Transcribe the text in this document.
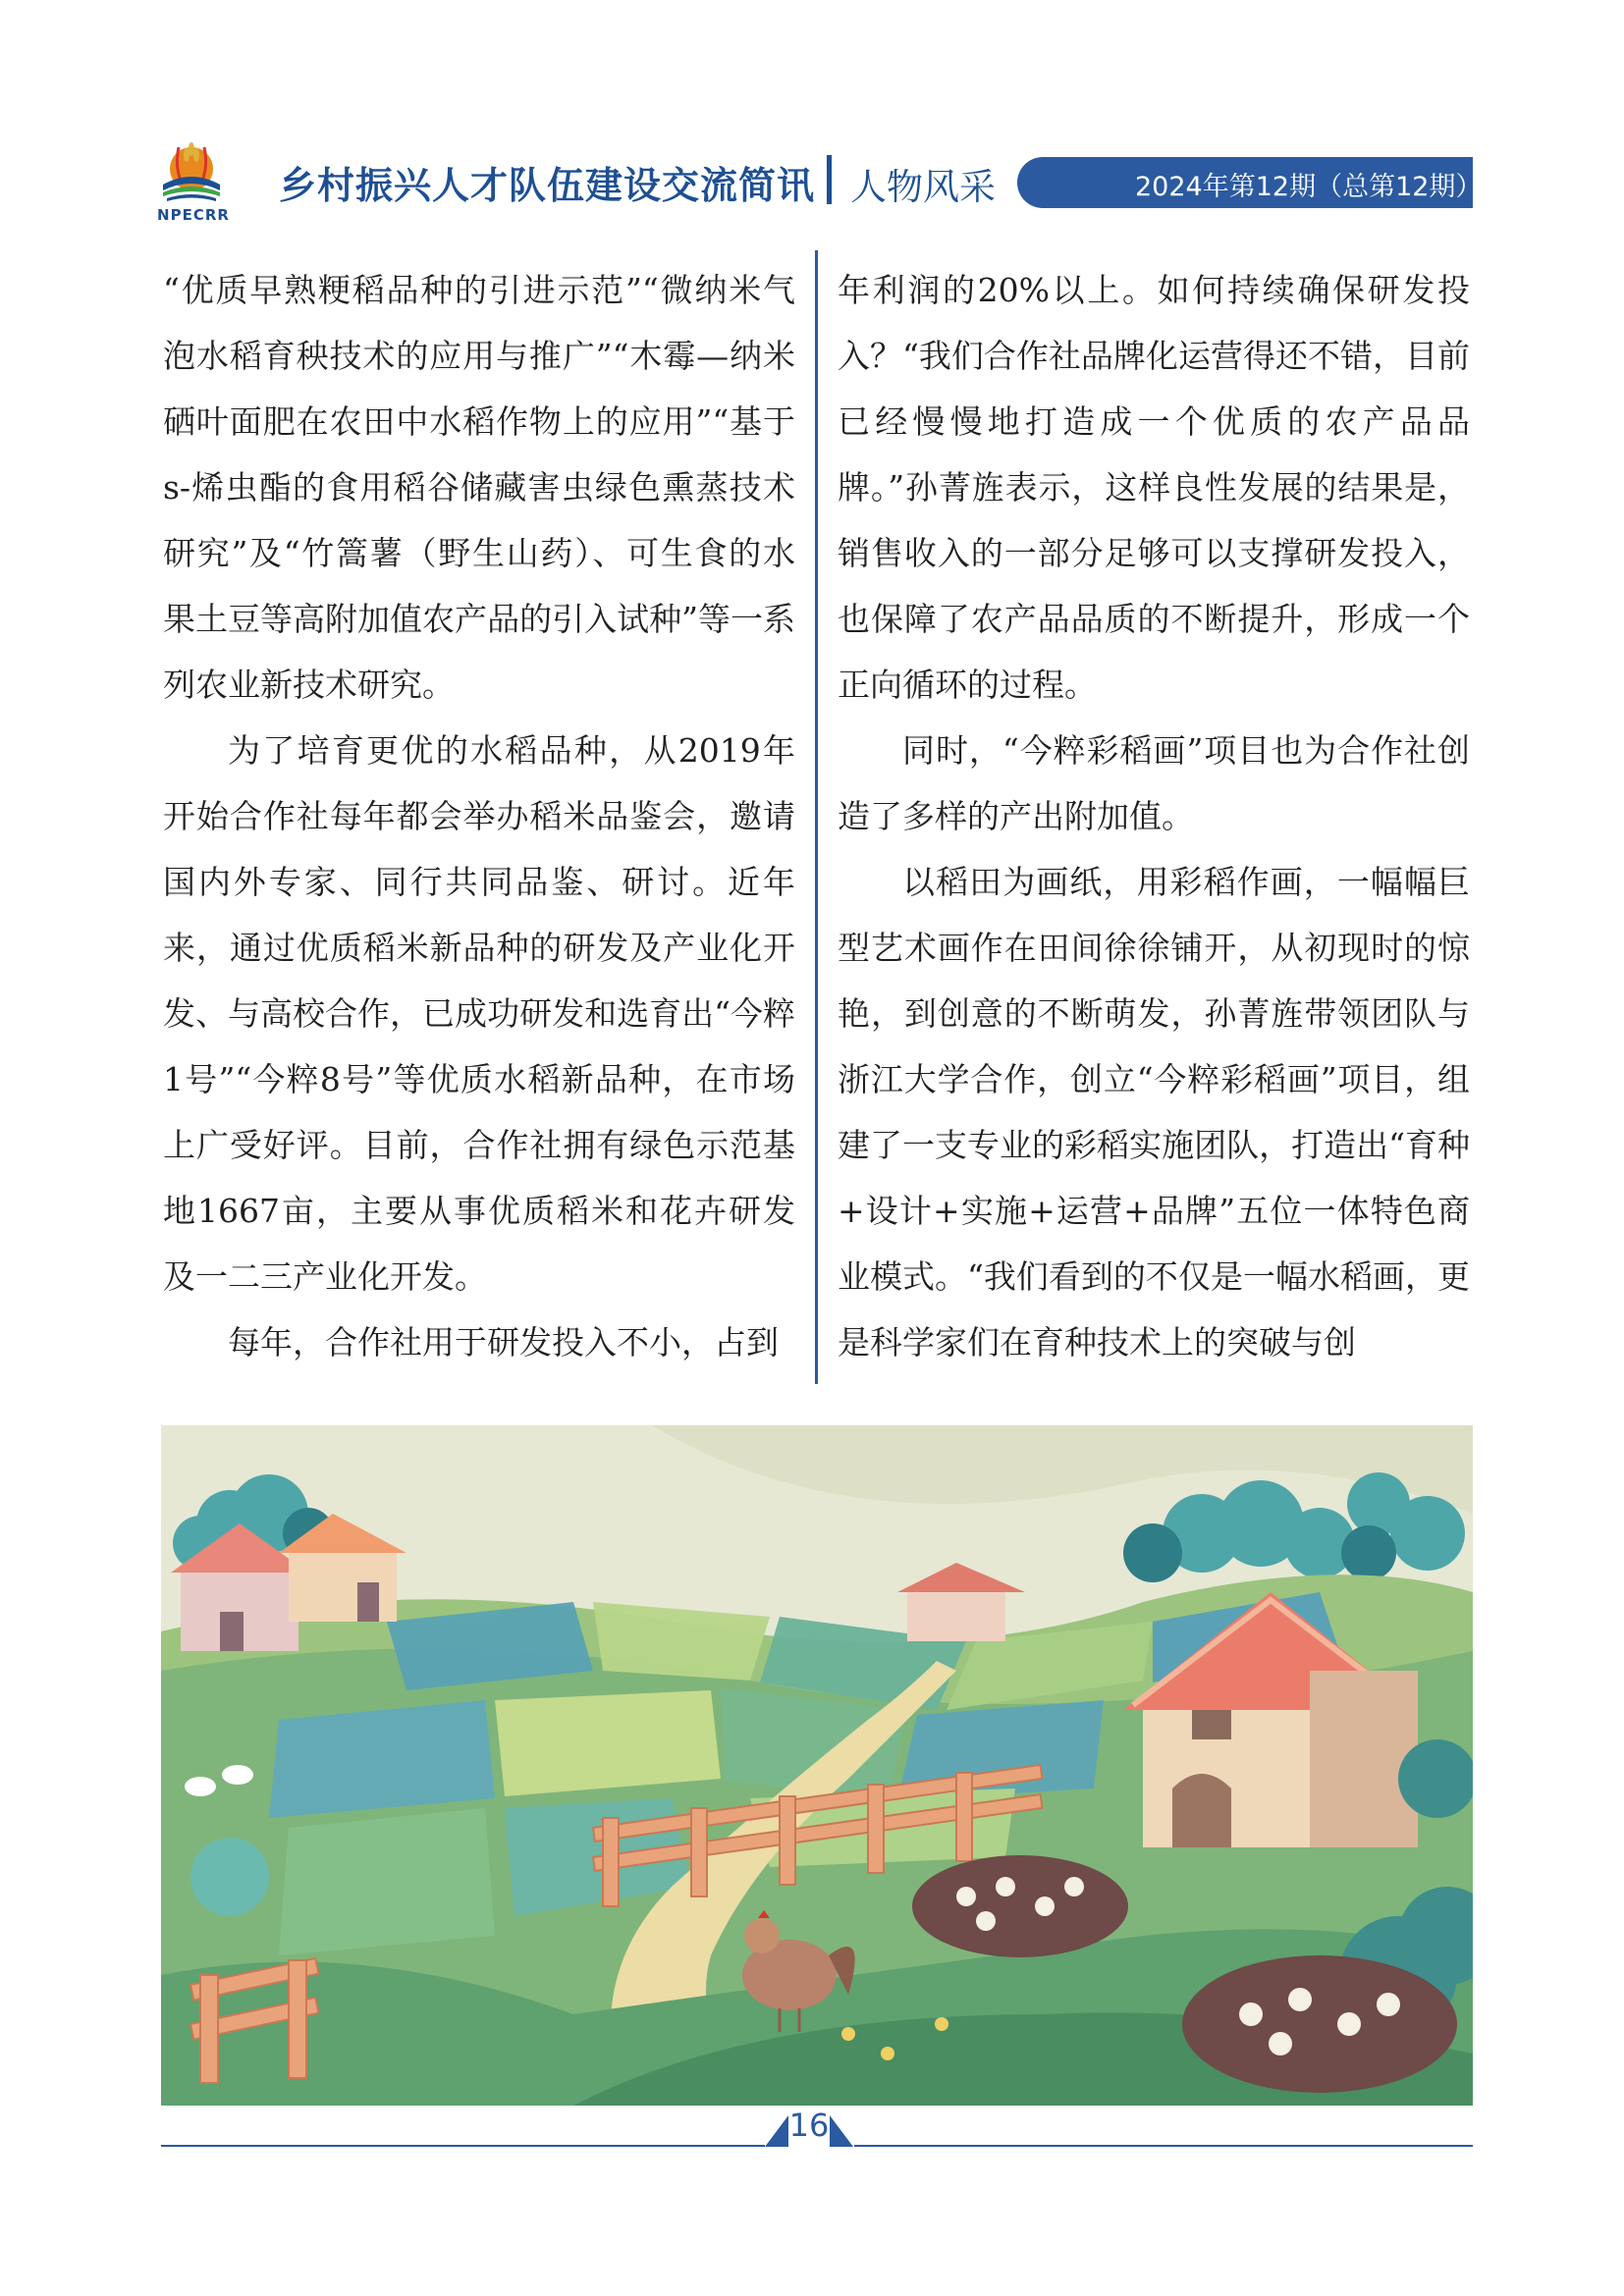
NPECRR
乡村振兴人才队伍建设交流简讯 人物风采	2024年第12期（总第12期）

“优质早熟粳稻品种的引进示范”“微纳米气泡水稻育秧技术的应用与推广”“木霉—纳米硒叶面肥在农田中水稻作物上的应用”“基于s-烯虫酯的食用稻谷储藏害虫绿色熏蒸技术研究”及“竹篙薯（野生山药）、可生食的水果土豆等高附加值农产品的引入试种”等一系列农业新技术研究。

为了培育更优的水稻品种，从2019年开始合作社每年都会举办稻米品鉴会，邀请国内外专家、同行共同品鉴、研讨。近年来，通过优质稻米新品种的研发及产业化开发、与高校合作，已成功研发和选育出“今粹1号”“今粹8号”等优质水稻新品种，在市场上广受好评。目前，合作社拥有绿色示范基地1667亩，主要从事优质稻米和花卉研发及一二三产业化开发。

每年，合作社用于研发投入不小，占到

年利润的20%以上。如何持续确保研发投入？“我们合作社品牌化运营得还不错，目前已经慢慢地打造成一个优质的农产品品牌。”孙菁旌表示，这样良性发展的结果是，销售收入的一部分足够可以支撑研发投入，也保障了农产品品质的不断提升，形成一个正向循环的过程。

同时，“今粹彩稻画”项目也为合作社创造了多样的产出附加值。

以稻田为画纸，用彩稻作画，一幅幅巨型艺术画作在田间徐徐铺开，从初现时的惊艳，到创意的不断萌发，孙菁旌带领团队与浙江大学合作，创立“今粹彩稻画”项目，组建了一支专业的彩稻实施团队，打造出“育种+设计+实施+运营+品牌”五位一体特色商业模式。“我们看到的不仅是一幅水稻画，更是科学家们在育种技术上的突破与创

16
